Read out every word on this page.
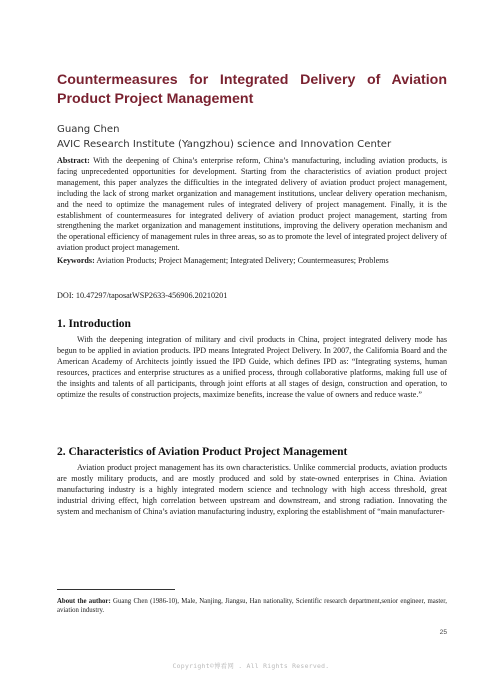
Countermeasures for Integrated Delivery of Aviation Product Project Management
Guang Chen
AVIC Research Institute (Yangzhou) science and Innovation Center

Abstract: With the deepening of China’s enterprise reform, China’s manufacturing, including aviation products, is facing unprecedented opportunities for development. Starting from the characteristics of aviation product project management, this paper analyzes the difficulties in the integrated delivery of aviation product project management, including the lack of strong market organization and management institutions, unclear delivery operation mechanism, and the need to optimize the management rules of integrated delivery of project management. Finally, it is the establishment of countermeasures for integrated delivery of aviation product project management, starting from strengthening the market organization and management institutions, improving the delivery operation mechanism and the operational efficiency of management rules in three areas, so as to promote the level of integrated project delivery of aviation product project management.

Keywords: Aviation Products; Project Management; Integrated Delivery; Countermeasures; Problems

DOI: 10.47297/taposatWSP2633-456906.20210201
1. Introduction

With the deepening integration of military and civil products in China, project integrated delivery mode has begun to be applied in aviation products. IPD means Integrated Project Delivery. In 2007, the California Board and the American Academy of Architects jointly issued the IPD Guide, which defines IPD as: “Integrating systems, human resources, practices and enterprise structures as a unified process, through collaborative platforms, making full use of the insights and talents of all participants, through joint efforts at all stages of design, construction and operation, to optimize the results of construction projects, maximize benefits, increase the value of owners and reduce waste.”

2. Characteristics of Aviation Product Project Management

Aviation product project management has its own characteristics. Unlike commercial products, aviation products are mostly military products, and are mostly produced and sold by state-owned enterprises in China. Aviation manufacturing industry is a highly integrated modern science and technology with high access threshold, great industrial driving effect, high correlation between upstream and downstream, and strong radiation. Innovating the system and mechanism of China’s aviation manufacturing industry, exploring the establishment of “main manufacturer-

About the author: Guang Chen (1986-10), Male, Nanjing, Jiangsu, Han nationality, Scientific research department,senior engineer, master, aviation industry.

25
Copyright©博看网 . All Rights Reserved.
